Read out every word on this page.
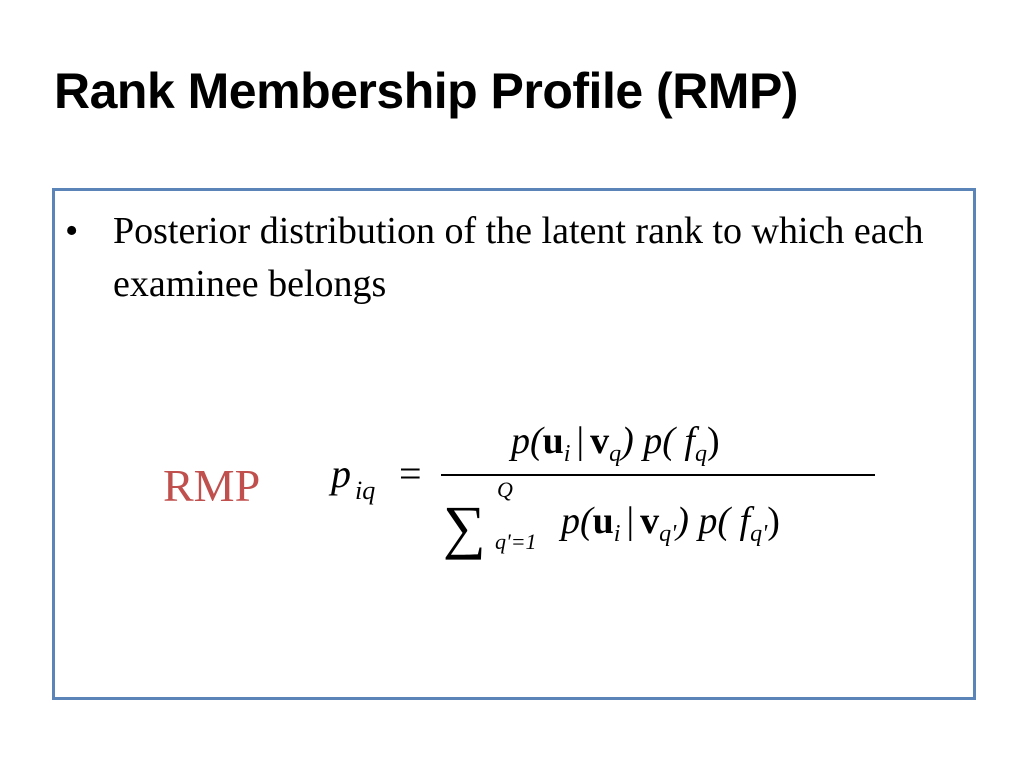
Rank Membership Profile (RMP)
• Posterior distribution of the latent rank to which each examinee belongs
RMP p iq =
$p(u_i$ | $v_q$) p( $f_q$)
∑
Q
q'=1 $p(u_i$ | $v_{q'}$) p( $f_{q'}$)
